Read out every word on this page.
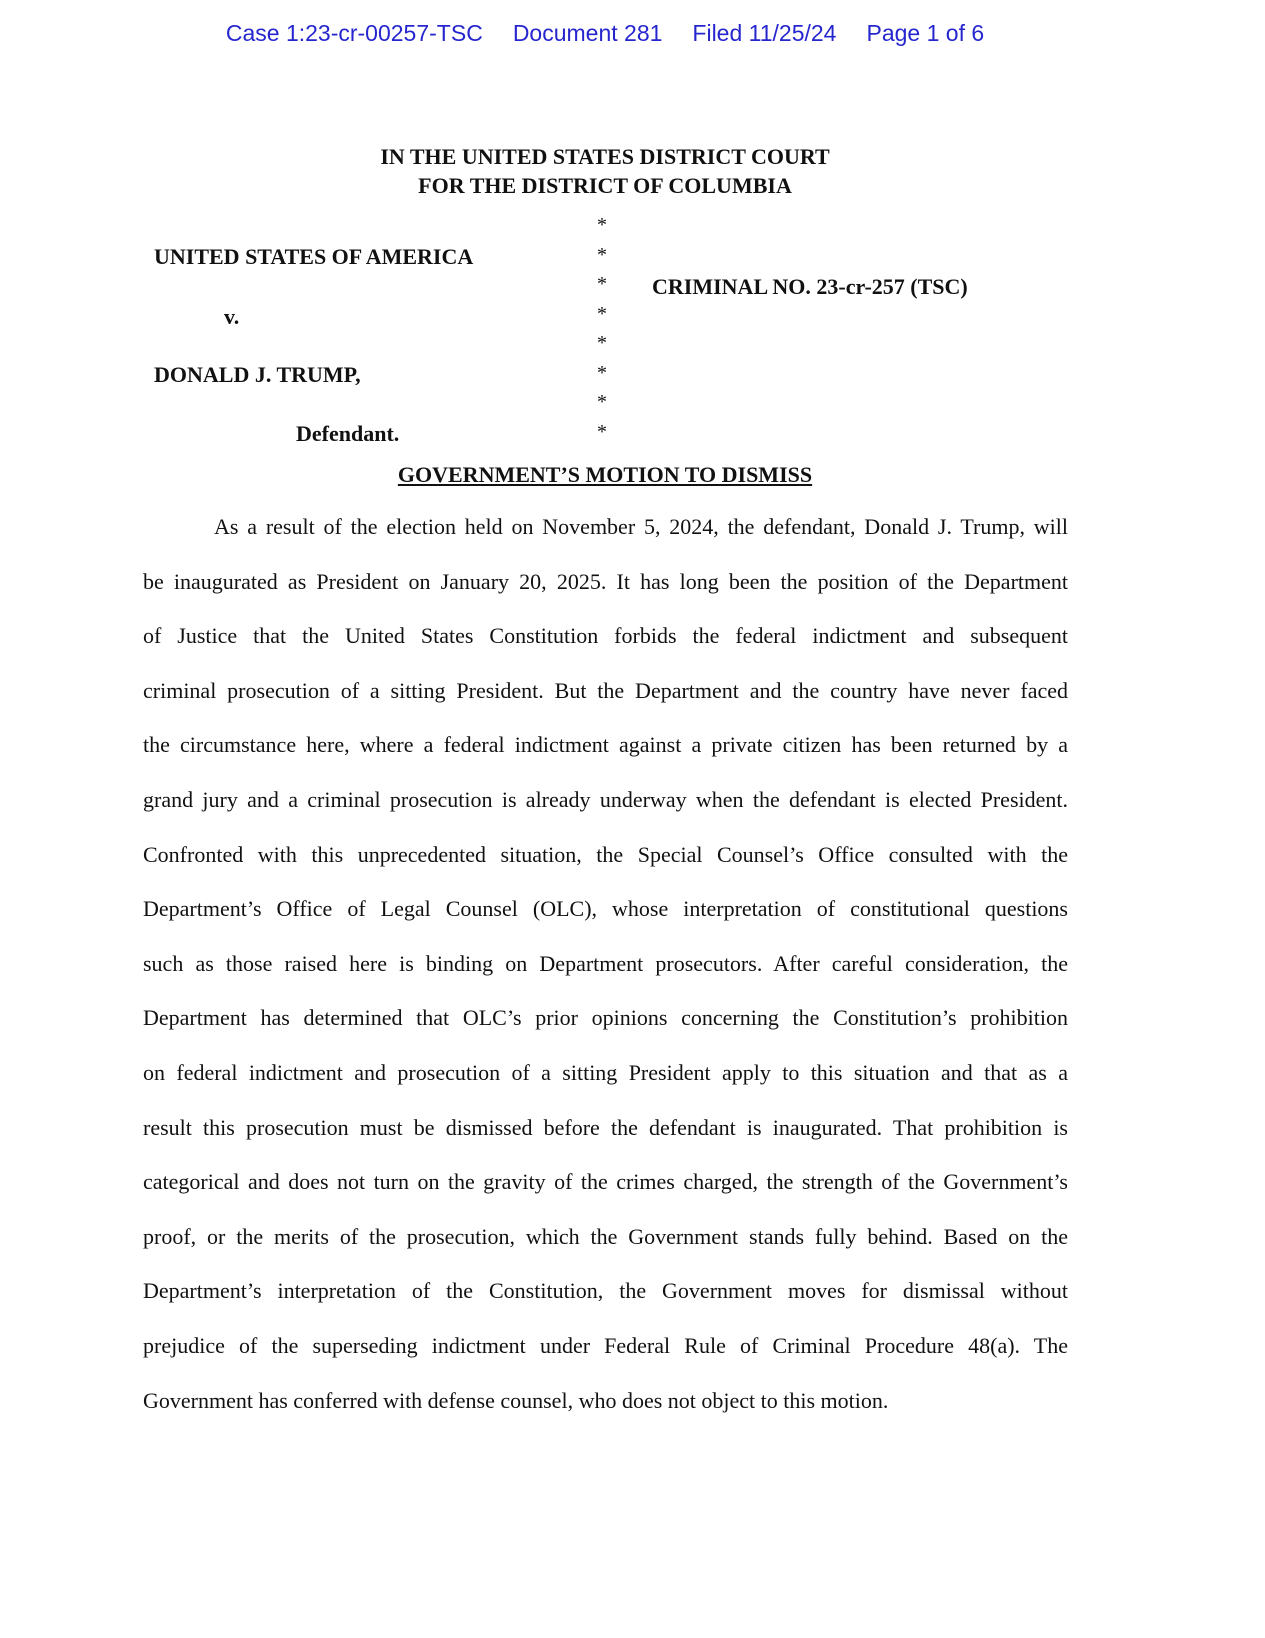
Case 1:23-cr-00257-TSC Document 281 Filed 11/25/24 Page 1 of 6
IN THE UNITED STATES DISTRICT COURT
FOR THE DISTRICT OF COLUMBIA
UNITED STATES OF AMERICA
v.
DONALD J. TRUMP,
Defendant.
CRIMINAL NO. 23-cr-257 (TSC)
*
*
*
*
*
*
*
*
GOVERNMENT’S MOTION TO DISMISS
As a result of the election held on November 5, 2024, the defendant, Donald J. Trump, will
be inaugurated as President on January 20, 2025. It has long been the position of the Department
of Justice that the United States Constitution forbids the federal indictment and subsequent
criminal prosecution of a sitting President. But the Department and the country have never faced
the circumstance here, where a federal indictment against a private citizen has been returned by a
grand jury and a criminal prosecution is already underway when the defendant is elected President.
Confronted with this unprecedented situation, the Special Counsel’s Office consulted with the
Department’s Office of Legal Counsel (OLC), whose interpretation of constitutional questions
such as those raised here is binding on Department prosecutors. After careful consideration, the
Department has determined that OLC’s prior opinions concerning the Constitution’s prohibition
on federal indictment and prosecution of a sitting President apply to this situation and that as a
result this prosecution must be dismissed before the defendant is inaugurated. That prohibition is
categorical and does not turn on the gravity of the crimes charged, the strength of the Government’s
proof, or the merits of the prosecution, which the Government stands fully behind. Based on the
Department’s interpretation of the Constitution, the Government moves for dismissal without
prejudice of the superseding indictment under Federal Rule of Criminal Procedure 48(a). The
Government has conferred with defense counsel, who does not object to this motion.
